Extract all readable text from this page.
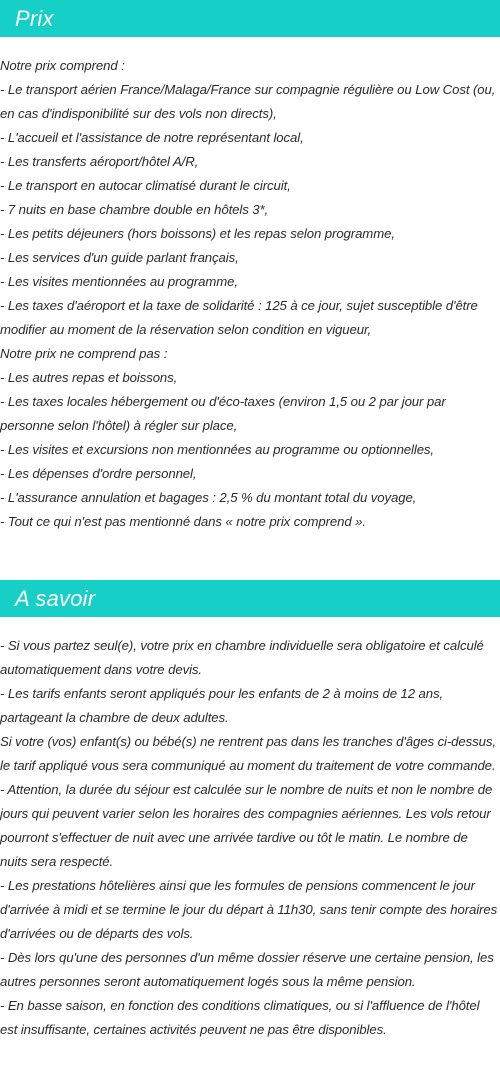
Prix

Notre prix comprend :

- Le transport aérien France/Malaga/France sur compagnie régulière ou Low Cost (ou, en cas d'indisponibilité sur des vols non directs),

- L'accueil et l'assistance de notre représentant local,

- Les transferts aéroport/hôtel A/R,

- Le transport en autocar climatisé durant le circuit,

- 7 nuits en base chambre double en hôtels 3*,

- Les petits déjeuners (hors boissons) et les repas selon programme,

- Les services d'un guide parlant français,

- Les visites mentionnées au programme,

- Les taxes d'aéroport et la taxe de solidarité : 125 à ce jour, sujet susceptible d'être modifier au moment de la réservation selon condition en vigueur,

Notre prix ne comprend pas :

- Les autres repas et boissons,

- Les taxes locales hébergement ou d'éco-taxes (environ 1,5 ou 2 par jour par personne selon l'hôtel) à régler sur place,

- Les visites et excursions non mentionnées au programme ou optionnelles,

- Les dépenses d'ordre personnel,

- L'assurance annulation et bagages : 2,5 % du montant total du voyage,

- Tout ce qui n'est pas mentionné dans « notre prix comprend ».

A savoir

- Si vous partez seul(e), votre prix en chambre individuelle sera obligatoire et calculé automatiquement dans votre devis.

- Les tarifs enfants seront appliqués pour les enfants de 2 à moins de 12 ans, partageant la chambre de deux adultes.

Si votre (vos) enfant(s) ou bébé(s) ne rentrent pas dans les tranches d'âges ci-dessus, le tarif appliqué vous sera communiqué au moment du traitement de votre commande.

- Attention, la durée du séjour est calculée sur le nombre de nuits et non le nombre de jours qui peuvent varier selon les horaires des compagnies aériennes. Les vols retour pourront s'effectuer de nuit avec une arrivée tardive ou tôt le matin. Le nombre de nuits sera respecté.

- Les prestations hôtelières ainsi que les formules de pensions commencent le jour d'arrivée à midi et se termine le jour du départ à 11h30, sans tenir compte des horaires d'arrivées ou de départs des vols.

- Dès lors qu'une des personnes d'un même dossier réserve une certaine pension, les autres personnes seront automatiquement logés sous la même pension.

- En basse saison, en fonction des conditions climatiques, ou si l'affluence de l'hôtel est insuffisante, certaines activités peuvent ne pas être disponibles.
